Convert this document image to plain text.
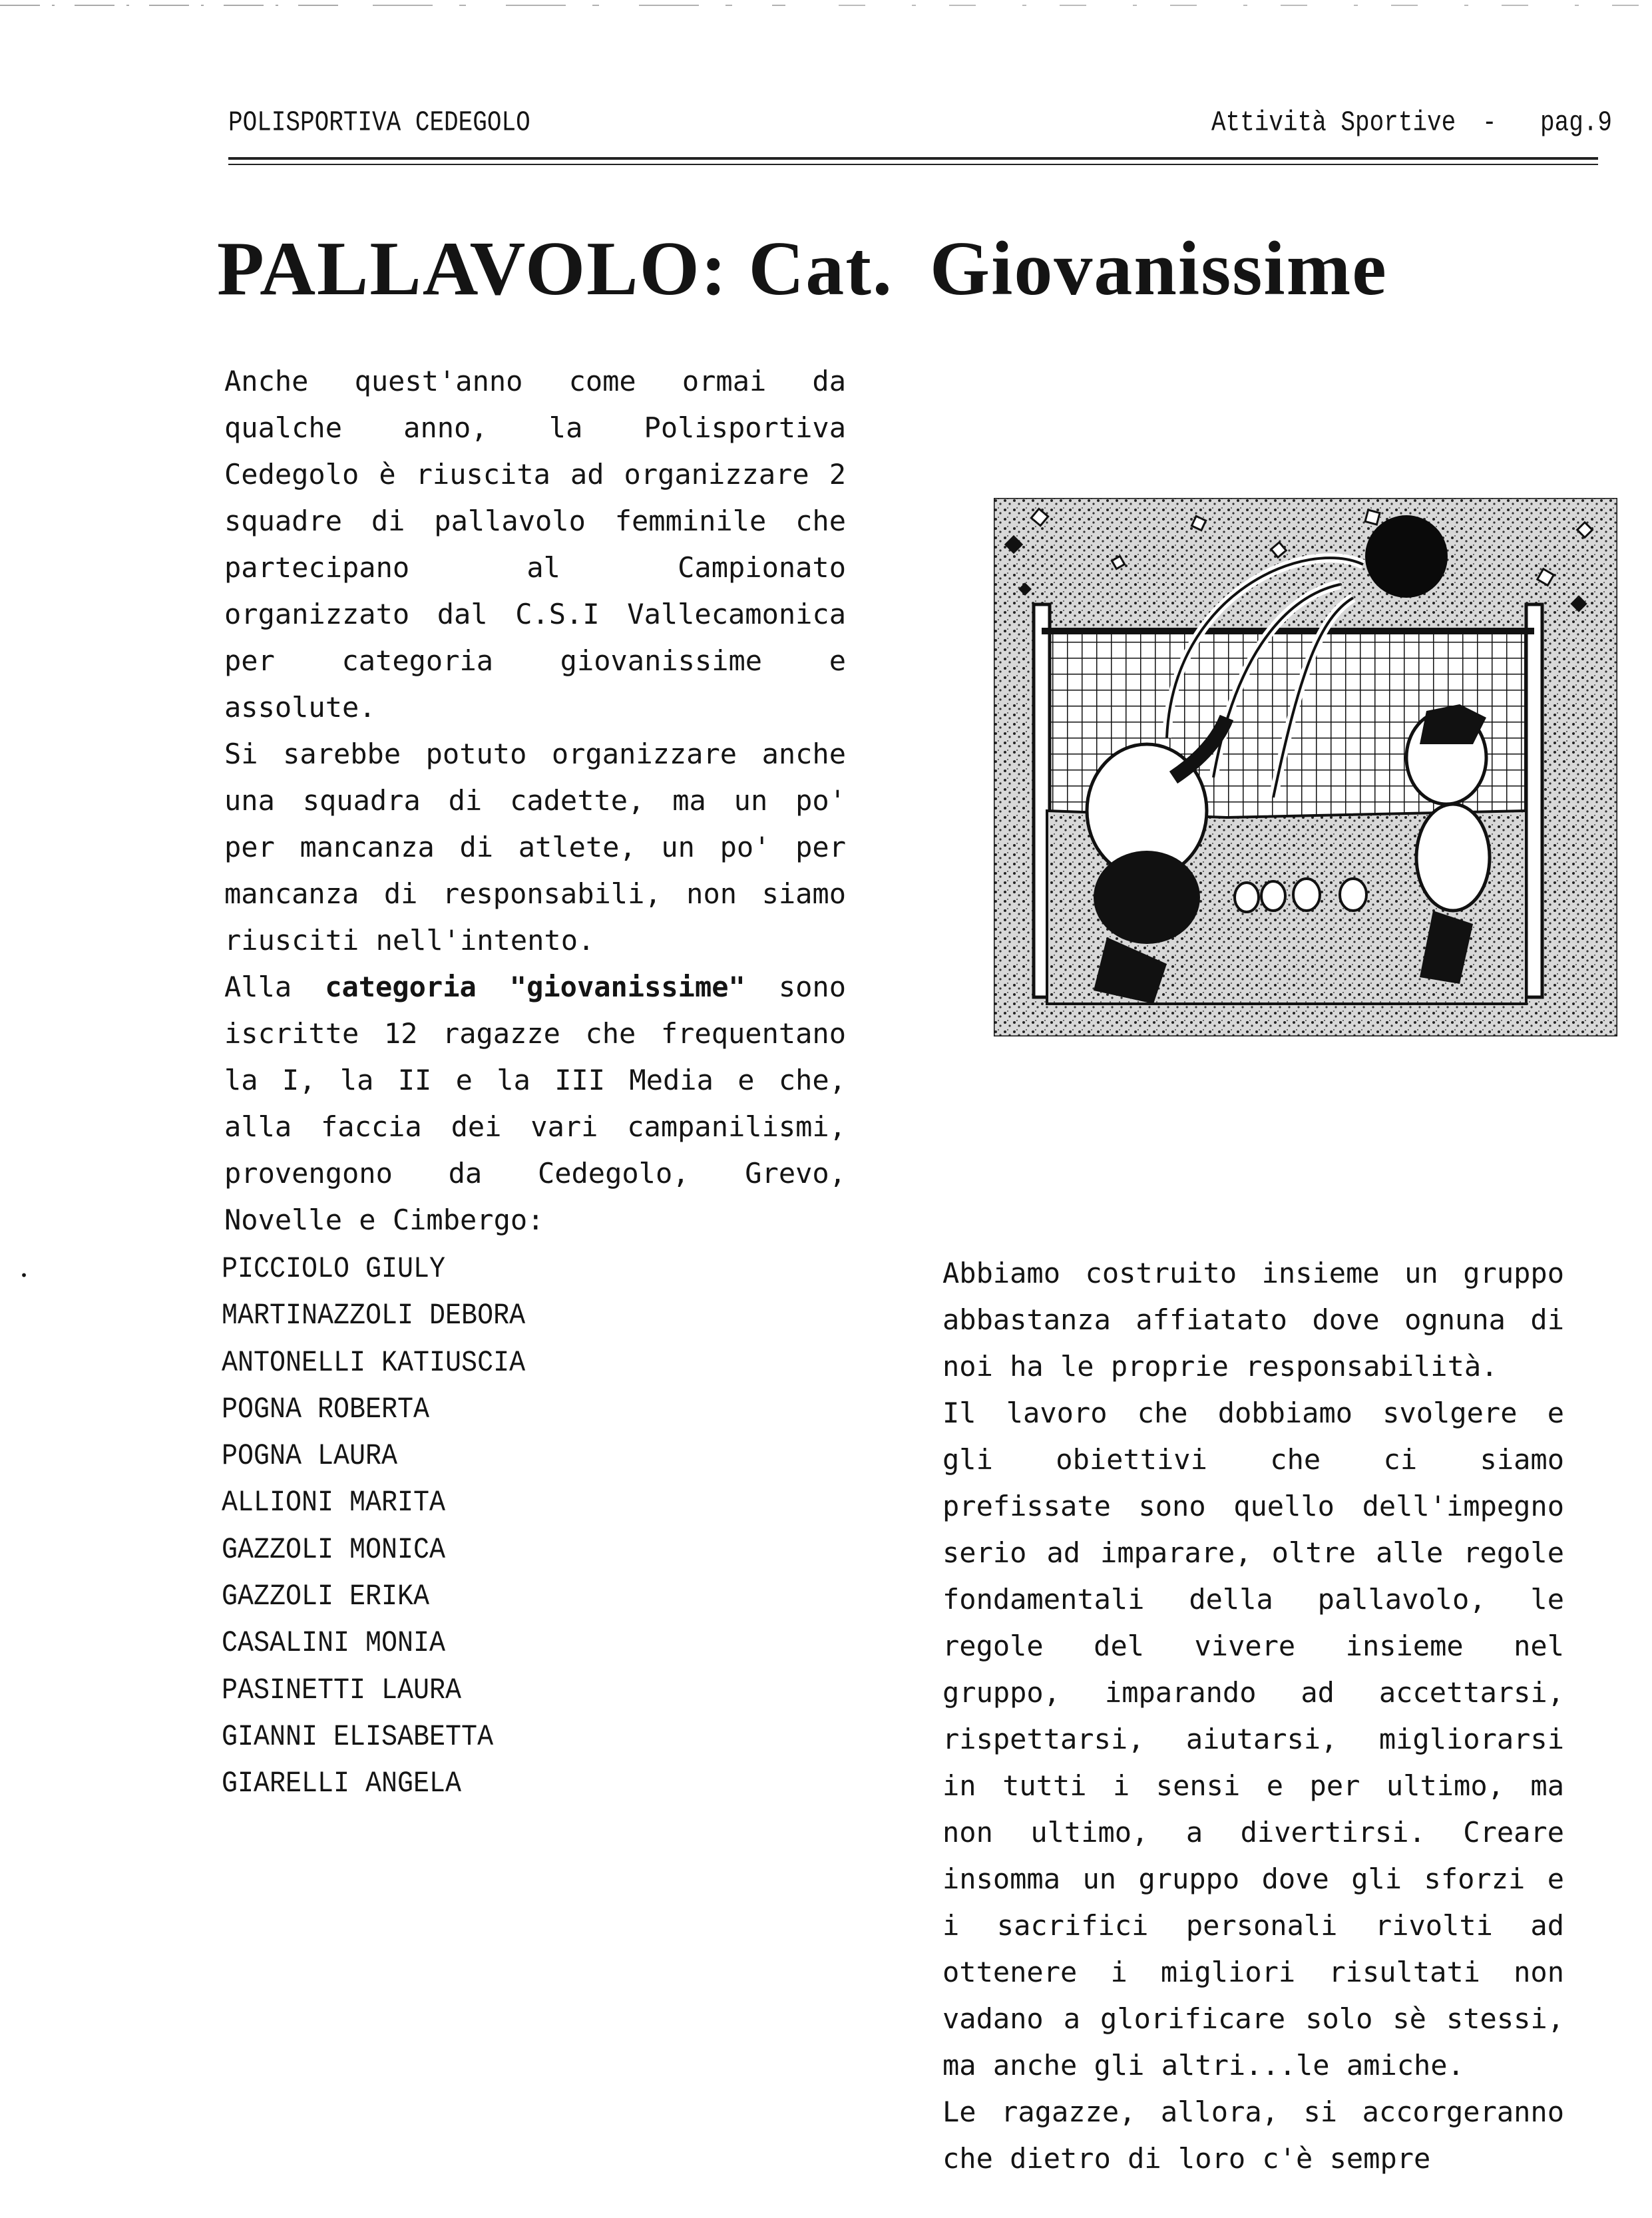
POLISPORTIVA CEDEGOLO	Attività Sportive - pag.9
PALLAVOLO: Cat. Giovanissime

Anche quest'anno come ormai da qualche anno, la Polisportiva Cedegolo è riuscita ad organizzare 2 squadre di pallavolo femminile che partecipano al Campionato organizzato dal C.S.I Vallecamonica per categoria giovanissime e assolute.

Si sarebbe potuto organizzare anche una squadra di cadette, ma un po' per mancanza di atlete, un po' per mancanza di responsabili, non siamo riusciti nell'intento.

Alla categoria "giovanissime" sono iscritte 12 ragazze che frequentano la I, la II e la III Media e che, alla faccia dei vari campanilismi, provengono da Cedegolo, Grevo, Novelle e Cimbergo:

PICCIOLO GIULY
MARTINAZZOLI DEBORA
ANTONELLI KATIUSCIA
POGNA ROBERTA
POGNA LAURA
ALLIONI MARITA
GAZZOLI MONICA
GAZZOLI ERIKA
CASALINI MONIA
PASINETTI LAURA
GIANNI ELISABETTA
GIARELLI ANGELA
•	Abbiamo costruito insieme un gruppo abbastanza affiatato dove ognuna di noi ha le proprie responsabilità.

Il lavoro che dobbiamo svolgere e gli obiettivi che ci siamo prefissate sono quello dell'impegno serio ad imparare, oltre alle regole fondamentali della pallavolo, le regole del vivere insieme nel gruppo, imparando ad accettarsi, rispettarsi, aiutarsi, migliorarsi in tutti i sensi e per ultimo, ma non ultimo, a divertirsi. Creare insomma un gruppo dove gli sforzi e i sacrifici personali rivolti ad ottenere i migliori risultati non vadano a glorificare solo sè stessi, ma anche gli altri...le amiche.

Le ragazze, allora, si accorgeranno che dietro di loro c'è sempre
